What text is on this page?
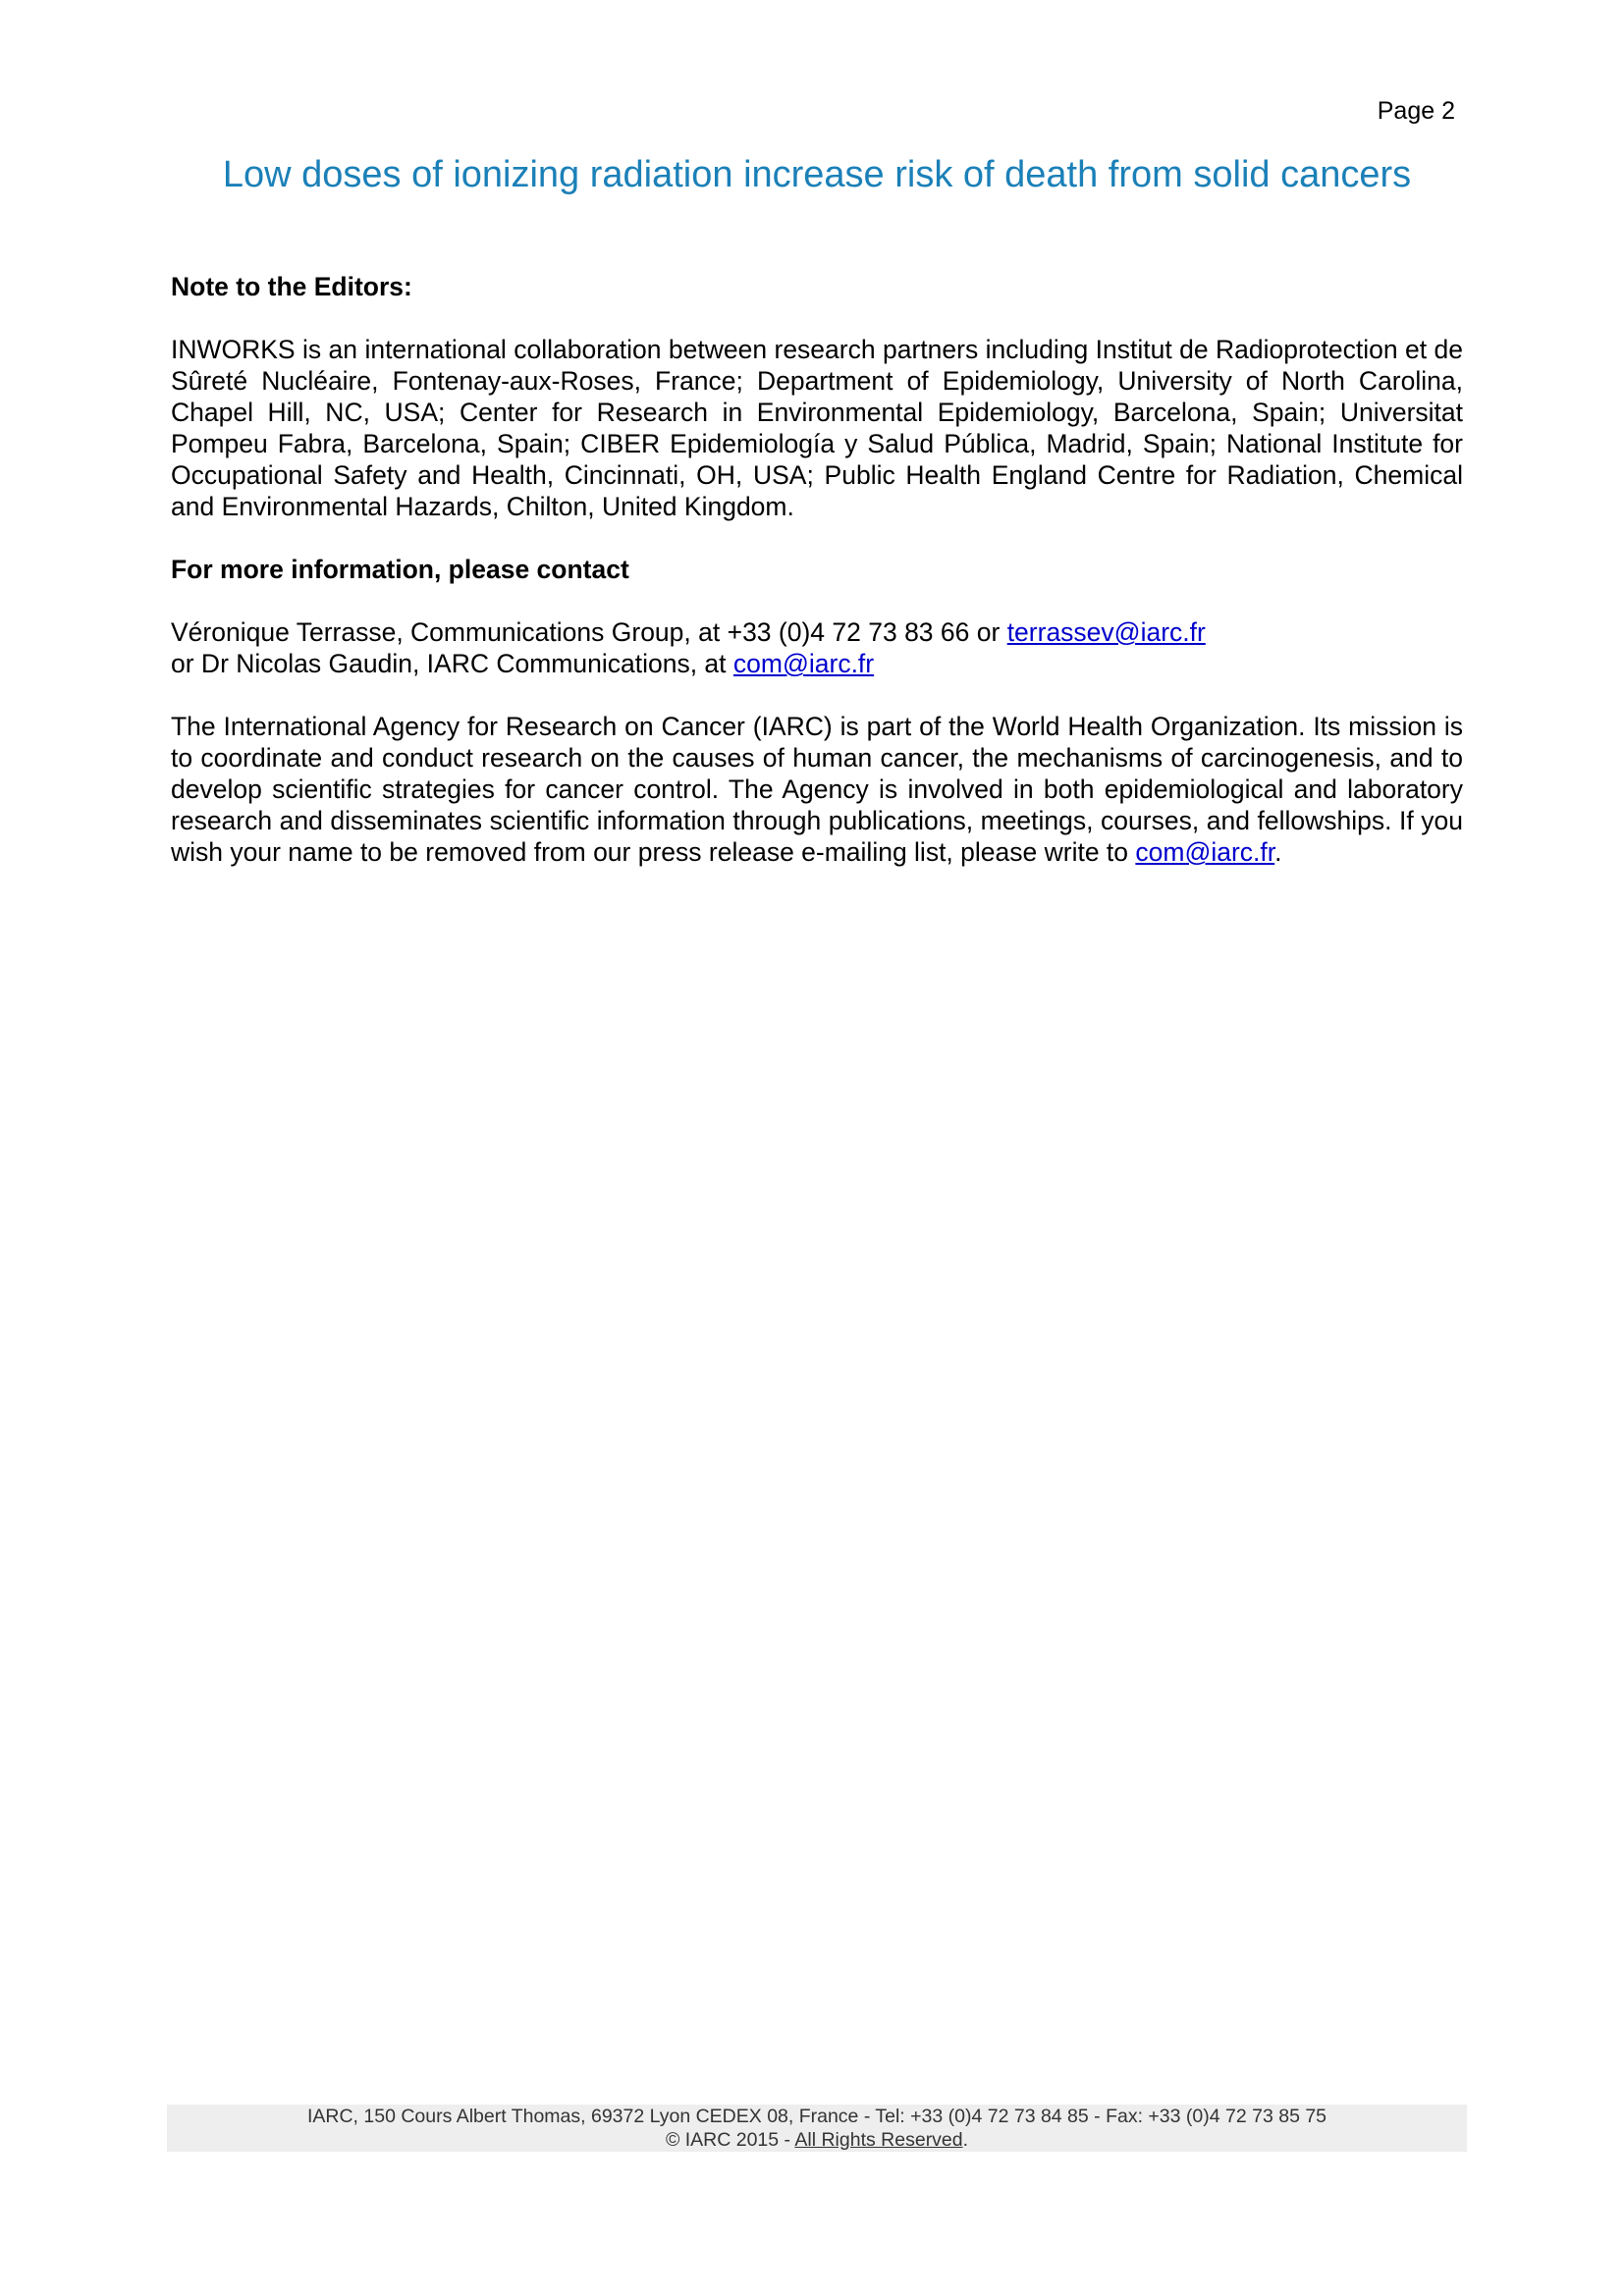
Page 2
Low doses of ionizing radiation increase risk of death from solid cancers
Note to the Editors:

INWORKS is an international collaboration between research partners including Institut de Radioprotection et de Sûreté Nucléaire, Fontenay-aux-Roses, France; Department of Epidemiology, University of North Carolina, Chapel Hill, NC, USA; Center for Research in Environmental Epidemiology, Barcelona, Spain; Universitat Pompeu Fabra, Barcelona, Spain; CIBER Epidemiología y Salud Pública, Madrid, Spain; National Institute for Occupational Safety and Health, Cincinnati, OH, USA; Public Health England Centre for Radiation, Chemical and Environmental Hazards, Chilton, United Kingdom.

For more information, please contact

Véronique Terrasse, Communications Group, at +33 (0)4 72 73 83 66 or terrassev@iarc.fr
or Dr Nicolas Gaudin, IARC Communications, at com@iarc.fr

The International Agency for Research on Cancer (IARC) is part of the World Health Organization. Its mission is to coordinate and conduct research on the causes of human cancer, the mechanisms of carcinogenesis, and to develop scientific strategies for cancer control. The Agency is involved in both epidemiological and laboratory research and disseminates scientific information through publications, meetings, courses, and fellowships. If you wish your name to be removed from our press release e-mailing list, please write to com@iarc.fr.

IARC, 150 Cours Albert Thomas, 69372 Lyon CEDEX 08, France - Tel: +33 (0)4 72 73 84 85 - Fax: +33 (0)4 72 73 85 75
© IARC 2015 - All Rights Reserved.
